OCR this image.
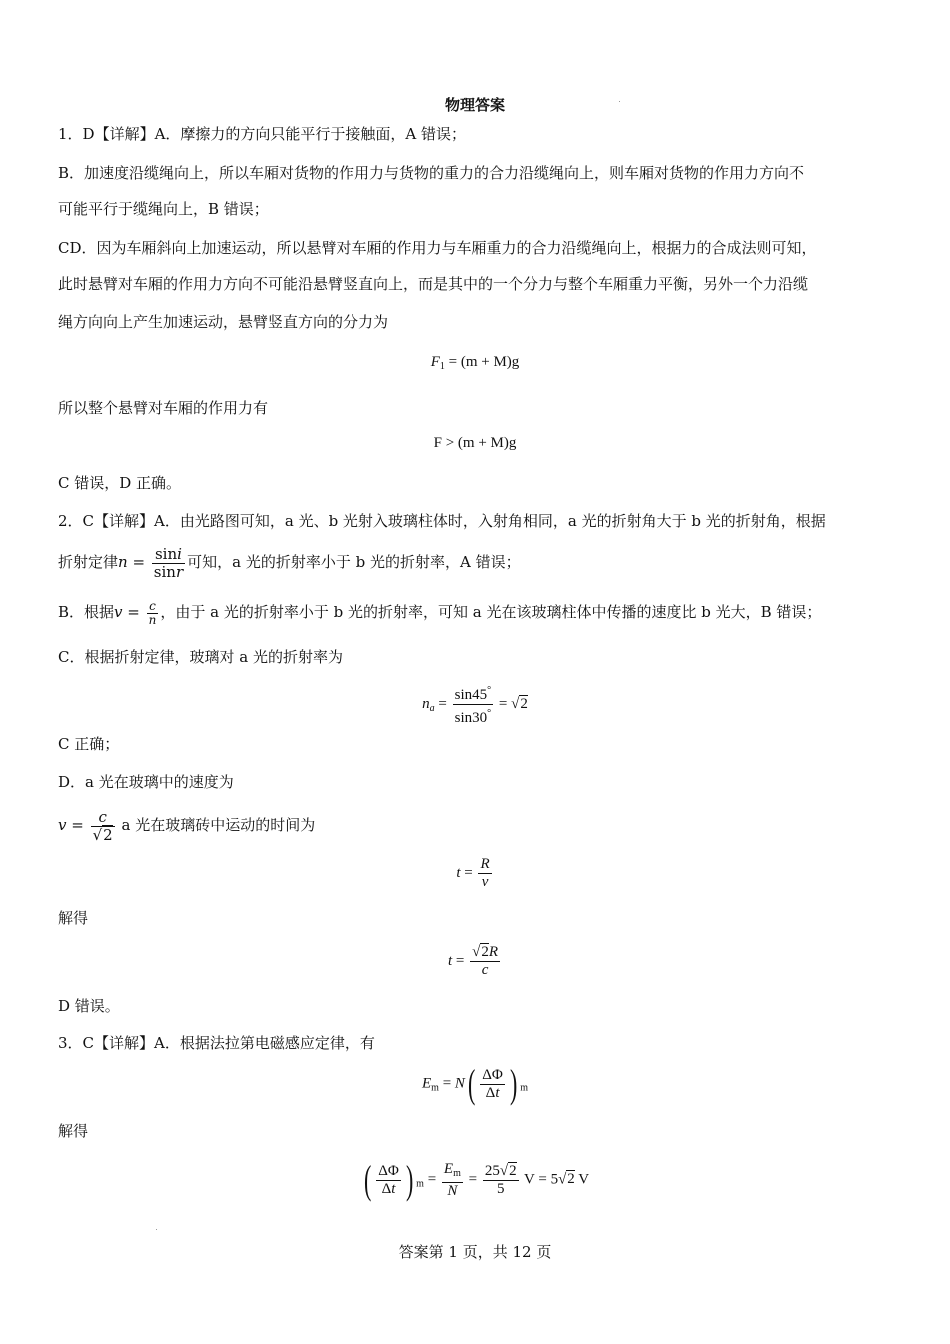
物理答案
1．D【详解】A．摩擦力的方向只能平行于接触面，A 错误；
B．加速度沿缆绳向上，所以车厢对货物的作用力与货物的重力的合力沿缆绳向上，则车厢对货物的作用力方向不
可能平行于缆绳向上，B 错误；
CD．因为车厢斜向上加速运动，所以悬臂对车厢的作用力与车厢重力的合力沿缆绳向上，根据力的合成法则可知，
此时悬臂对车厢的作用力方向不可能沿悬臂竖直向上，而是其中的一个分力与整个车厢重力平衡，另外一个力沿缆
绳方向向上产生加速运动，悬臂竖直方向的分力为
$F_1 = (m + M)g$
所以整个悬臂对车厢的作用力有
F > (m + M)g
C 错误，D 正确。
2．C【详解】A．由光路图可知，a 光、b 光射入玻璃柱体时，入射角相同，a 光的折射角大于 b 光的折射角，根据
折射定律$n = \frac{\sin i}{\sin r}$ 可知，a 光的折射率小于 b 光的折射率，A 错误；
B．根据$v = \frac{c}{n}$ ，由于 a 光的折射率小于 b 光的折射率，可知 a 光在该玻璃柱体中传播的速度比 b 光大，B 错误；
C．根据折射定律，玻璃对 a 光的折射率为
$n_a = \frac{\sin 45^\circ}{\sin 30^\circ} = √2$
C 正确；
D．a 光在玻璃中的速度为
$v = \frac{c}{√2}$ a 光在玻璃砖中运动的时间为
$t = \frac{R}{v}$
解得
$t = \frac{√2R}{c}$
D 错误。
3．C【详解】A．根据法拉第电磁感应定律，有
$E_m = N( \frac{\Delta\Phi}{\Delta t}$ ) $_m$
解得
( $\frac{\Delta\Phi}{\Delta t}$ ) $_m = \frac{E_m}{N} = \frac{25√2}{5}$ V = 5√2 V
答案第 1 页，共 12 页
